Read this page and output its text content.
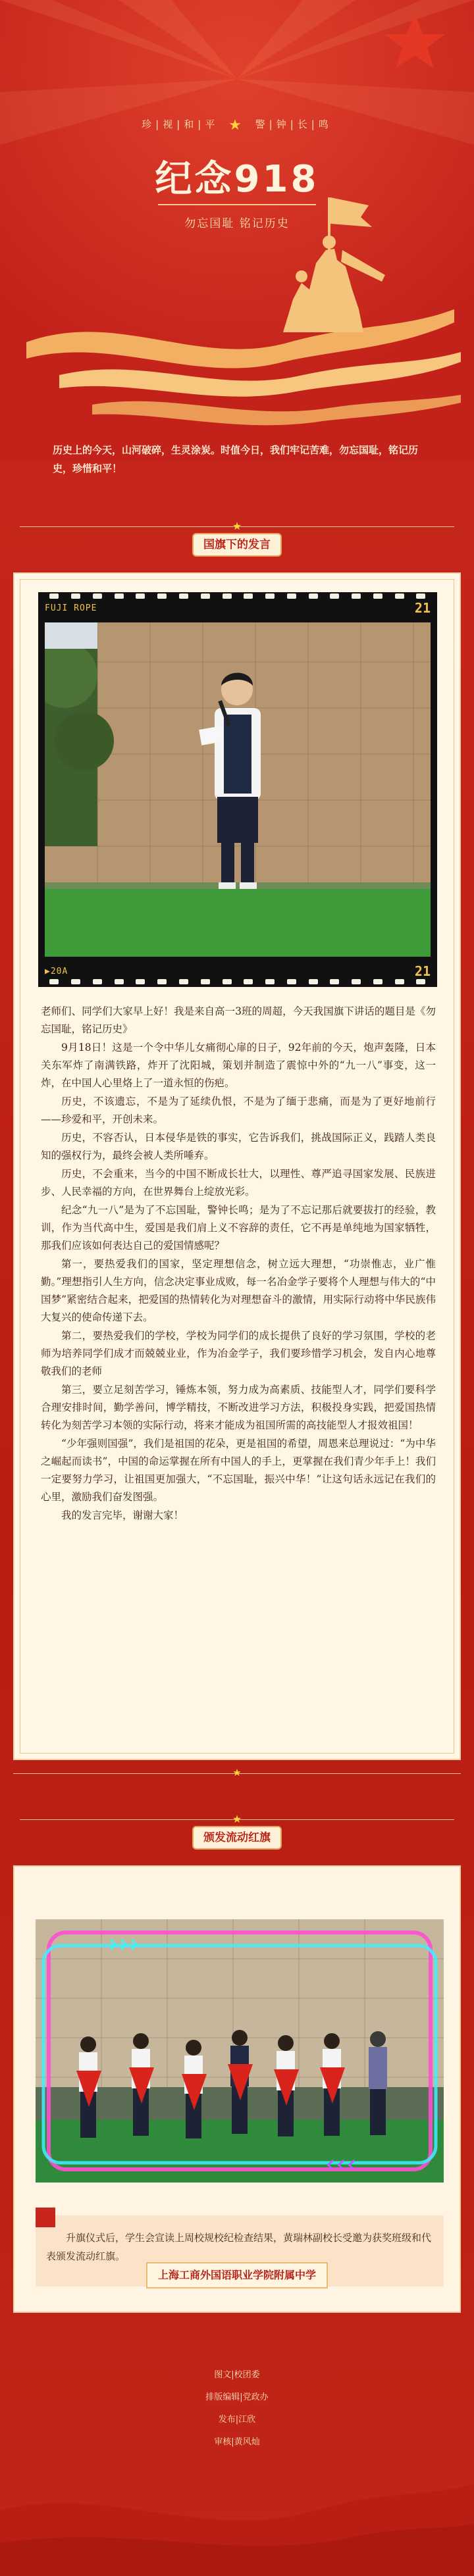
珍|视|和|平 ★ 警|钟|长|鸣
纪念918
勿忘国耻 铭记历史
历史上的今天，山河破碎，生灵涂炭。时值今日，我们牢记苦难，勿忘国耻，铭记历史，珍惜和平！
★
国旗下的发言
FUJI ROPE	21
▶20A	21

老师们、同学们大家早上好！我是来自高一3班的周超，今天我国旗下讲话的题目是《勿忘国耻，铭记历史》

9月18日！这是一个令中华儿女痛彻心扉的日子，92年前的今天，炮声轰隆，日本关东军炸了南满铁路，炸开了沈阳城，策划并制造了震惊中外的“九一八”事变，这一炸，在中国人心里烙上了一道永恒的伤疤。

历史，不该遗忘，不是为了延续仇恨，不是为了缅于悲痛，而是为了更好地前行——珍爱和平，开创未来。

历史，不容否认，日本侵华是铁的事实，它告诉我们，挑战国际正义，践踏人类良知的强权行为，最终会被人类所唾弃。

历史，不会重来，当今的中国不断成长壮大，以理性、尊严追寻国家发展、民族进步、人民幸福的方向，在世界舞台上绽放光彩。

纪念“九一八”是为了不忘国耻，警钟长鸣；是为了不忘记那后就要拔打的经验，教训，作为当代高中生，爱国是我们肩上义不容辞的责任，它不再是单纯地为国家牺牲，那我们应该如何表达自己的爱国情感呢？

第一，要热爱我们的国家，坚定理想信念，树立远大理想，“功崇惟志，业广惟勤。”理想指引人生方向，信念决定事业成败，每一名冶金学子要将个人理想与伟大的“中国梦”紧密结合起来，把爱国的热情转化为对理想奋斗的激情，用实际行动将中华民族伟大复兴的使命传递下去。

第二，要热爱我们的学校，学校为同学们的成长提供了良好的学习氛围，学校的老师为培养同学们成才而兢兢业业，作为冶金学子，我们要珍惜学习机会，发自内心地尊敬我们的老师

第三，要立足刻苦学习，锤炼本领，努力成为高素质、技能型人才，同学们要科学合理安排时间，勤学善问，博学精技，不断改进学习方法，积极投身实践，把爱国热情转化为刻苦学习本领的实际行动，将来才能成为祖国所需的高技能型人才报效祖国！

“少年强则国强”，我们是祖国的花朵，更是祖国的希望，周恩来总理说过：“为中华之崛起而读书”，中国的命运掌握在所有中国人的手上，更掌握在我们青少年手上！我们一定要努力学习，让祖国更加强大，“不忘国耻，振兴中华！”让这句话永远记在我们的心里，激励我们奋发图强。

我的发言完毕，谢谢大家！

★
★
颁发流动红旗
›››
‹‹‹
升旗仪式后，学生会宣读上周校规校纪检查结果，黄瑞林副校长受邀为获奖班级和代表颁发流动红旗。
上海工商外国语职业学院附属中学
图文|校团委
排版编辑|党政办
发布|江欣
审核|黄风灿
